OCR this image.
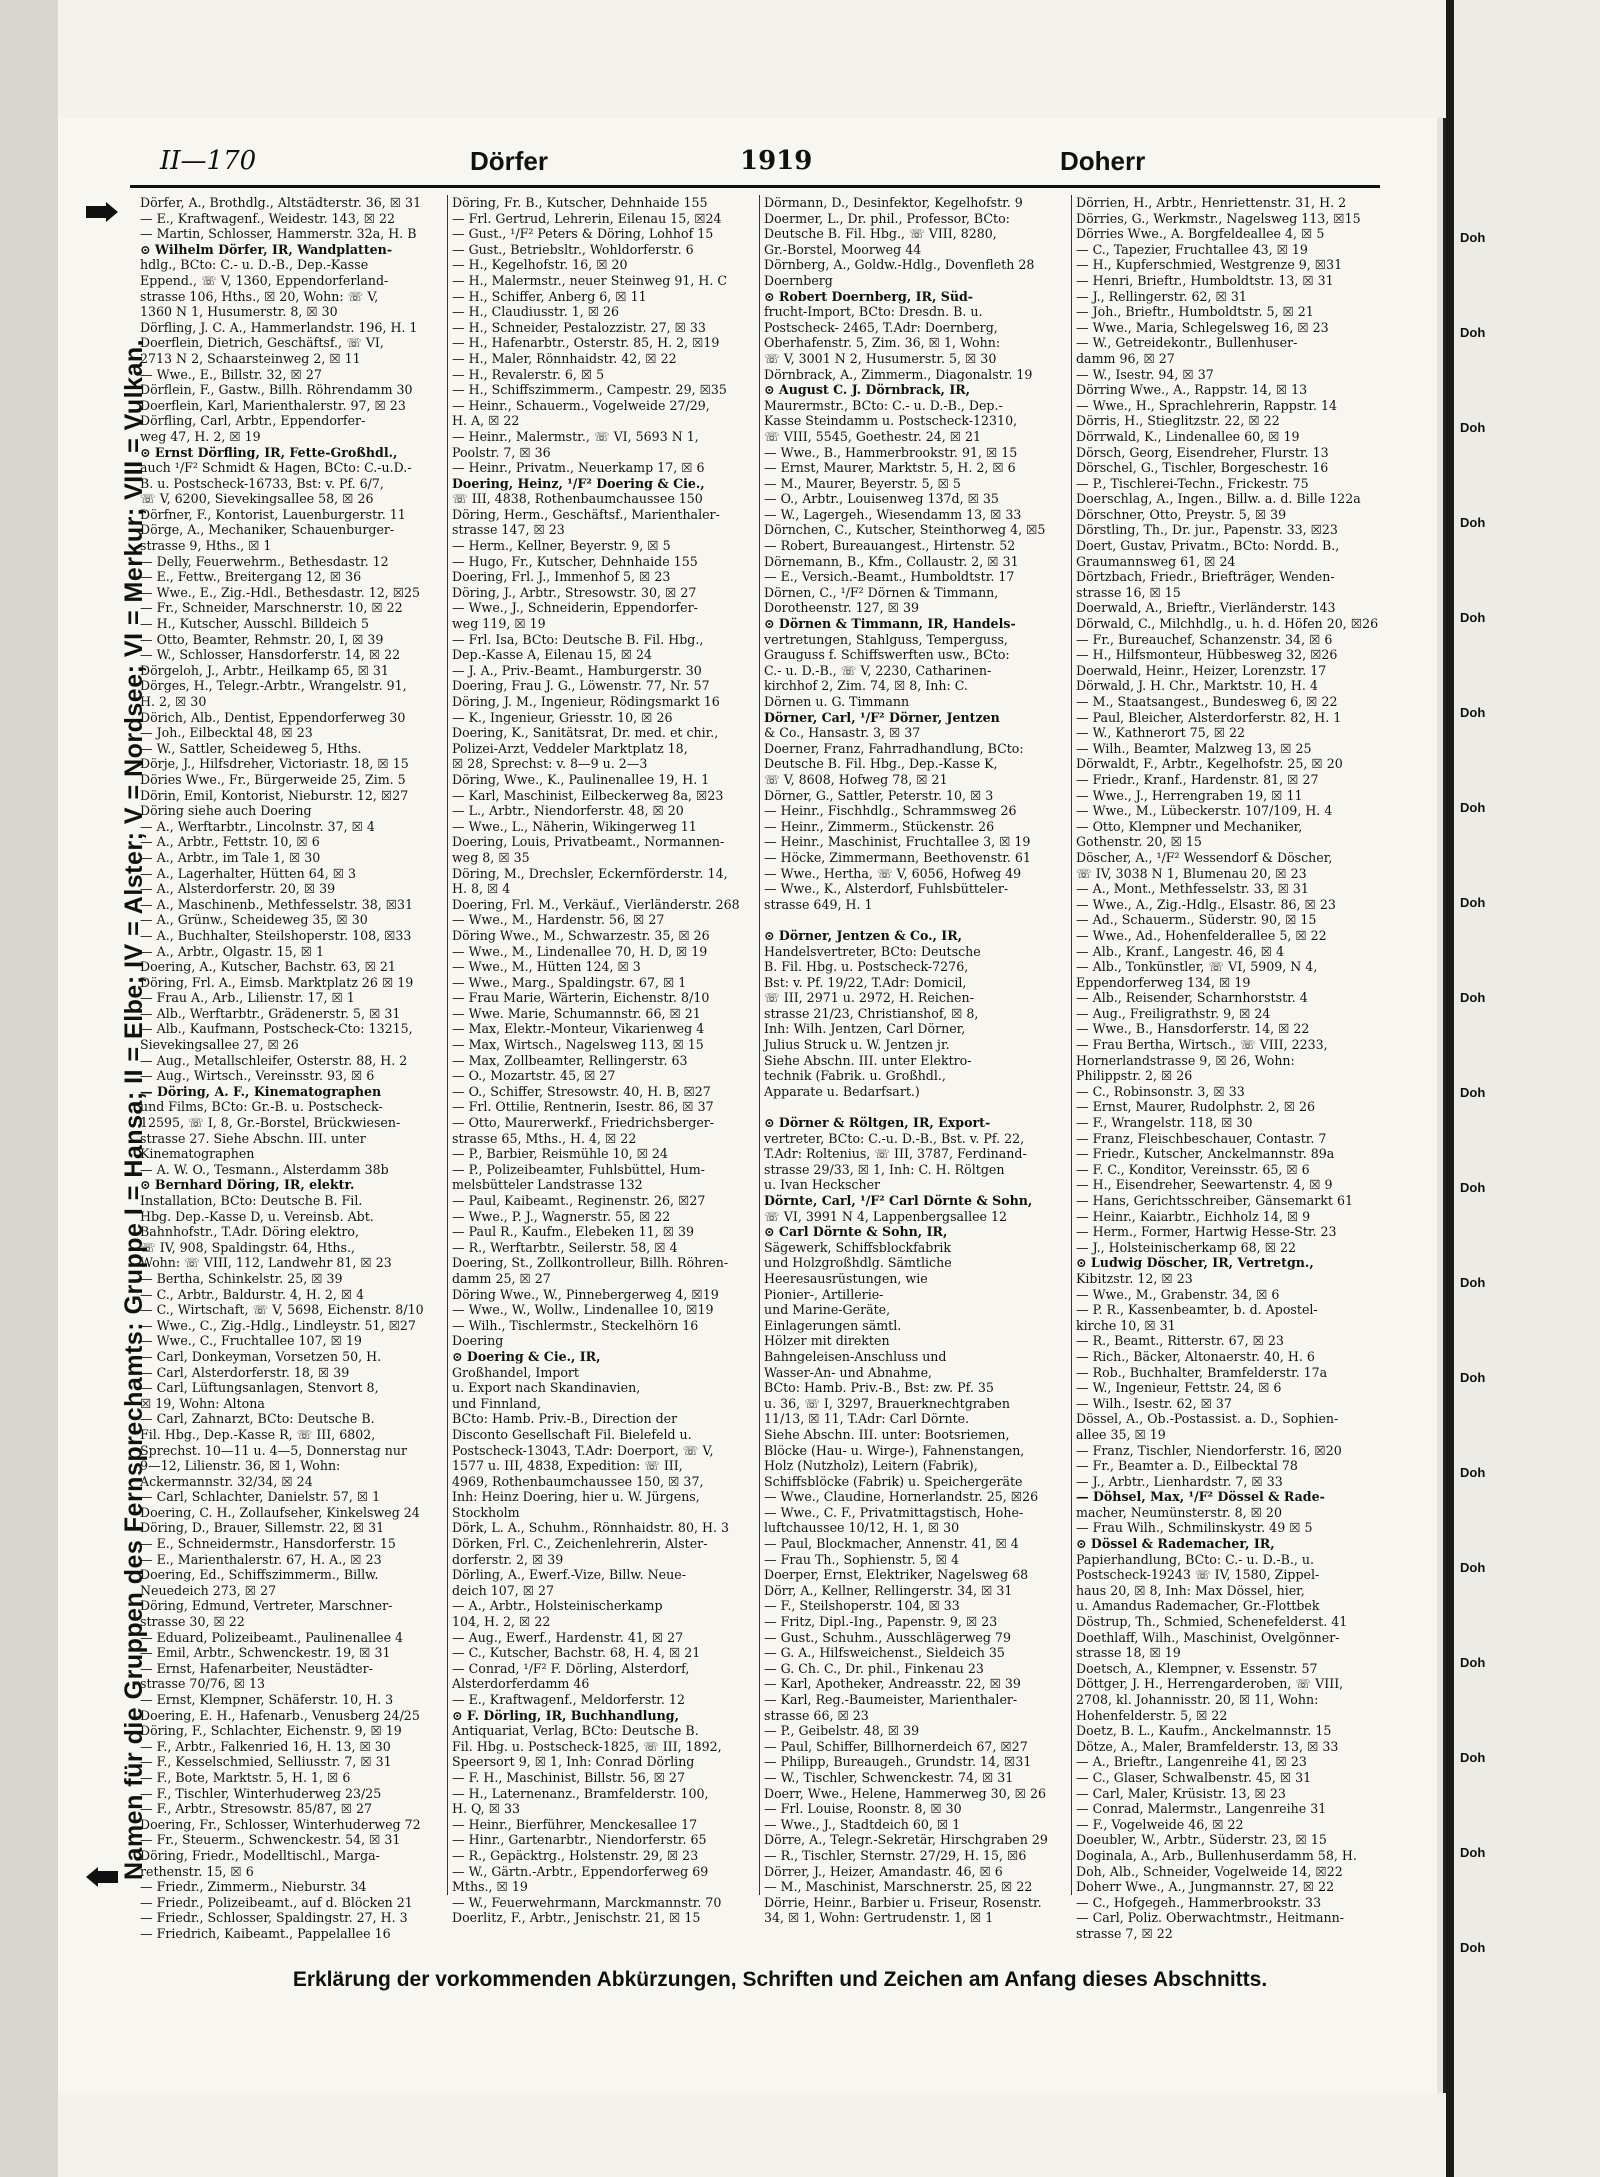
Doh
Doh
Doh
Doh
Doh
Doh
Doh
Doh
Doh
Doh
Doh
Doh
Doh
Doh
Doh
Doh
Doh
Doh
Doh
II—170	Dörfer	1919	Doherr
Namen für die Gruppen des Fernsprechamts: Gruppe I = Hansa; II = Elbe; IV = Alster; V = Nordsee; VI = Merkur; VIII = Vulkan.
Dörfer, A., Brothdlg., Altstädterstr. 36, ☒ 31
— E., Kraftwagenf., Weidestr. 143, ☒ 22
— Martin, Schlosser, Hammerstr. 32a, H. B
⊙ Wilhelm Dörfer, IR, Wandplatten-
hdlg., BCto: C.- u. D.-B., Dep.-Kasse
Eppend., ☏ V, 1360, Eppendorferland-
strasse 106, Hths., ☒ 20, Wohn: ☏ V,
1360 N 1, Husumerstr. 8, ☒ 30
Dörfling, J. C. A., Hammerlandstr. 196, H. 1
Doerflein, Dietrich, Geschäftsf., ☏ VI,
2713 N 2, Schaarsteinweg 2, ☒ 11
— Wwe., E., Billstr. 32, ☒ 27
Dörflein, F., Gastw., Billh. Röhrendamm 30
Doerflein, Karl, Marienthalerstr. 97, ☒ 23
Dörfling, Carl, Arbtr., Eppendorfer-
weg 47, H. 2, ☒ 19
⊙ Ernst Dörfling, IR, Fette-Großhdl.,
auch ¹/F² Schmidt & Hagen, BCto: C.-u.D.-
B. u. Postscheck-16733, Bst: v. Pf. 6/7,
☏ V, 6200, Sievekingsallee 58, ☒ 26
Dörfner, F., Kontorist, Lauenburgerstr. 11
Dörge, A., Mechaniker, Schauenburger-
strasse 9, Hths., ☒ 1
— Delly, Feuerwehrm., Bethesdastr. 12
— E., Fettw., Breitergang 12, ☒ 36
— Wwe., E., Zig.-Hdl., Bethesdastr. 12, ☒25
— Fr., Schneider, Marschnerstr. 10, ☒ 22
— H., Kutscher, Ausschl. Billdeich 5
— Otto, Beamter, Rehmstr. 20, I, ☒ 39
— W., Schlosser, Hansdorferstr. 14, ☒ 22
Dörgeloh, J., Arbtr., Heilkamp 65, ☒ 31
Dörges, H., Telegr.-Arbtr., Wrangelstr. 91,
H. 2, ☒ 30
Dörich, Alb., Dentist, Eppendorferweg 30
— Joh., Eilbecktal 48, ☒ 23
— W., Sattler, Scheideweg 5, Hths.
Dörje, J., Hilfsdreher, Victoriastr. 18, ☒ 15
Döries Wwe., Fr., Bürgerweide 25, Zim. 5
Dörin, Emil, Kontorist, Nieburstr. 12, ☒27
Döring siehe auch Doering
— A., Werftarbtr., Lincolnstr. 37, ☒ 4
— A., Arbtr., Fettstr. 10, ☒ 6
— A., Arbtr., im Tale 1, ☒ 30
— A., Lagerhalter, Hütten 64, ☒ 3
— A., Alsterdorferstr. 20, ☒ 39
— A., Maschinenb., Methfesselstr. 38, ☒31
— A., Grünw., Scheideweg 35, ☒ 30
— A., Buchhalter, Steilshoperstr. 108, ☒33
— A., Arbtr., Olgastr. 15, ☒ 1
Doering, A., Kutscher, Bachstr. 63, ☒ 21
Döring, Frl. A., Eimsb. Marktplatz 26 ☒ 19
— Frau A., Arb., Lilienstr. 17, ☒ 1
— Alb., Werftarbtr., Grädenerstr. 5, ☒ 31
— Alb., Kaufmann, Postscheck-Cto: 13215,
Sievekingsallee 27, ☒ 26
— Aug., Metallschleifer, Osterstr. 88, H. 2
— Aug., Wirtsch., Vereinsstr. 93, ☒ 6
— Döring, A. F., Kinematographen
und Films, BCto: Gr.-B. u. Postscheck-
12595, ☏ I, 8, Gr.-Borstel, Brückwiesen-
strasse 27. Siehe Abschn. III. unter
Kinematographen
— A. W. O., Tesmann., Alsterdamm 38b
⊙ Bernhard Döring, IR, elektr.
Installation, BCto: Deutsche B. Fil.
Hbg. Dep.-Kasse D, u. Vereinsb. Abt.
Bahnhofstr., T.Adr. Döring elektro,
☏ IV, 908, Spaldingstr. 64, Hths.,
Wohn: ☏ VIII, 112, Landwehr 81, ☒ 23
— Bertha, Schinkelstr. 25, ☒ 39
— C., Arbtr., Baldurstr. 4, H. 2, ☒ 4
— C., Wirtschaft, ☏ V, 5698, Eichenstr. 8/10
— Wwe., C., Zig.-Hdlg., Lindleystr. 51, ☒27
— Wwe., C., Fruchtallee 107, ☒ 19
— Carl, Donkeyman, Vorsetzen 50, H.
— Carl, Alsterdorferstr. 18, ☒ 39
— Carl, Lüftungsanlagen, Stenvort 8,
☒ 19, Wohn: Altona
— Carl, Zahnarzt, BCto: Deutsche B.
Fil. Hbg., Dep.-Kasse R, ☏ III, 6802,
Sprechst. 10—11 u. 4—5, Donnerstag nur
9—12, Lilienstr. 36, ☒ 1, Wohn:
Ackermannstr. 32/34, ☒ 24
— Carl, Schlachter, Danielstr. 57, ☒ 1
Doering, C. H., Zollaufseher, Kinkelsweg 24
Döring, D., Brauer, Sillemstr. 22, ☒ 31
— E., Schneidermstr., Hansdorferstr. 15
— E., Marienthalerstr. 67, H. A., ☒ 23
Doering, Ed., Schiffszimmerm., Billw.
Neuedeich 273, ☒ 27
Döring, Edmund, Vertreter, Marschner-
strasse 30, ☒ 22
— Eduard, Polizeibeamt., Paulinenallee 4
— Emil, Arbtr., Schwenckestr. 19, ☒ 31
— Ernst, Hafenarbeiter, Neustädter-
strasse 70/76, ☒ 13
— Ernst, Klempner, Schäferstr. 10, H. 3
Doering, E. H., Hafenarb., Venusberg 24/25
Döring, F., Schlachter, Eichenstr. 9, ☒ 19
— F., Arbtr., Falkenried 16, H. 13, ☒ 30
— F., Kesselschmied, Selliusstr. 7, ☒ 31
— F., Bote, Marktstr. 5, H. 1, ☒ 6
— F., Tischler, Winterhuderweg 23/25
— F., Arbtr., Stresowstr. 85/87, ☒ 27
Doering, Fr., Schlosser, Winterhuderweg 72
— Fr., Steuerm., Schwenckestr. 54, ☒ 31
Döring, Friedr., Modelltischl., Marga-
rethenstr. 15, ☒ 6
— Friedr., Zimmerm., Nieburstr. 34
— Friedr., Polizeibeamt., auf d. Blöcken 21
— Friedr., Schlosser, Spaldingstr. 27, H. 3
— Friedrich, Kaibeamt., Pappelallee 16
Döring, Fr. B., Kutscher, Dehnhaide 155
— Frl. Gertrud, Lehrerin, Eilenau 15, ☒24
— Gust., ¹/F² Peters & Döring, Lohhof 15
— Gust., Betriebsltr., Wohldorferstr. 6
— H., Kegelhofstr. 16, ☒ 20
— H., Malermstr., neuer Steinweg 91, H. C
— H., Schiffer, Anberg 6, ☒ 11
— H., Claudiusstr. 1, ☒ 26
— H., Schneider, Pestalozzistr. 27, ☒ 33
— H., Hafenarbtr., Osterstr. 85, H. 2, ☒19
— H., Maler, Rönnhaidstr. 42, ☒ 22
— H., Revalerstr. 6, ☒ 5
— H., Schiffszimmerm., Campestr. 29, ☒35
— Heinr., Schauerm., Vogelweide 27/29,
H. A, ☒ 22
— Heinr., Malermstr., ☏ VI, 5693 N 1,
Poolstr. 7, ☒ 36
— Heinr., Privatm., Neuerkamp 17, ☒ 6
Doering, Heinz, ¹/F² Doering & Cie.,
☏ III, 4838, Rothenbaumchaussee 150
Döring, Herm., Geschäftsf., Marienthaler-
strasse 147, ☒ 23
— Herm., Kellner, Beyerstr. 9, ☒ 5
— Hugo, Fr., Kutscher, Dehnhaide 155
Doering, Frl. J., Immenhof 5, ☒ 23
Döring, J., Arbtr., Stresowstr. 30, ☒ 27
— Wwe., J., Schneiderin, Eppendorfer-
weg 119, ☒ 19
— Frl. Isa, BCto: Deutsche B. Fil. Hbg.,
Dep.-Kasse A, Eilenau 15, ☒ 24
— J. A., Priv.-Beamt., Hamburgerstr. 30
Doering, Frau J. G., Löwenstr. 77, Nr. 57
Döring, J. M., Ingenieur, Rödingsmarkt 16
— K., Ingenieur, Griesstr. 10, ☒ 26
Doering, K., Sanitätsrat, Dr. med. et chir.,
Polizei-Arzt, Veddeler Marktplatz 18,
☒ 28, Sprechst: v. 8—9 u. 2—3
Döring, Wwe., K., Paulinenallee 19, H. 1
— Karl, Maschinist, Eilbeckerweg 8a, ☒23
— L., Arbtr., Niendorferstr. 48, ☒ 20
— Wwe., L., Näherin, Wikingerweg 11
Doering, Louis, Privatbeamt., Normannen-
weg 8, ☒ 35
Döring, M., Drechsler, Eckernförderstr. 14,
H. 8, ☒ 4
Doering, Frl. M., Verkäuf., Vierländerstr. 268
— Wwe., M., Hardenstr. 56, ☒ 27
Döring Wwe., M., Schwarzestr. 35, ☒ 26
— Wwe., M., Lindenallee 70, H. D, ☒ 19
— Wwe., M., Hütten 124, ☒ 3
— Wwe., Marg., Spaldingstr. 67, ☒ 1
— Frau Marie, Wärterin, Eichenstr. 8/10
— Wwe. Marie, Schumannstr. 66, ☒ 21
— Max, Elektr.-Monteur, Vikarienweg 4
— Max, Wirtsch., Nagelsweg 113, ☒ 15
— Max, Zollbeamter, Rellingerstr. 63
— O., Mozartstr. 45, ☒ 27
— O., Schiffer, Stresowstr. 40, H. B, ☒27
— Frl. Ottilie, Rentnerin, Isestr. 86, ☒ 37
— Otto, Maurerwerkf., Friedrichsberger-
strasse 65, Mths., H. 4, ☒ 22
— P., Barbier, Reismühle 10, ☒ 24
— P., Polizeibeamter, Fuhlsbüttel, Hum-
melsbütteler Landstrasse 132
— Paul, Kaibeamt., Reginenstr. 26, ☒27
— Wwe., P. J., Wagnerstr. 55, ☒ 22
— Paul R., Kaufm., Elebeken 11, ☒ 39
— R., Werftarbtr., Seilerstr. 58, ☒ 4
Doering, St., Zollkontrolleur, Billh. Röhren-
damm 25, ☒ 27
Döring Wwe., W., Pinnebergerweg 4, ☒19
— Wwe., W., Wollw., Lindenallee 10, ☒19
— Wilh., Tischlermstr., Steckelhörn 16
Doering
⊙ Doering & Cie., IR,
Großhandel, Import
u. Export nach Skandinavien,
und Finnland,
BCto: Hamb. Priv.-B., Direction der
Disconto Gesellschaft Fil. Bielefeld u.
Postscheck-13043, T.Adr: Doerport, ☏ V,
1577 u. III, 4838, Expedition: ☏ III,
4969, Rothenbaumchaussee 150, ☒ 37,
Inh: Heinz Doering, hier u. W. Jürgens,
Stockholm
Dörk, L. A., Schuhm., Rönnhaidstr. 80, H. 3
Dörken, Frl. C., Zeichenlehrerin, Alster-
dorferstr. 2, ☒ 39
Dörling, A., Ewerf.-Vize, Billw. Neue-
deich 107, ☒ 27
— A., Arbtr., Holsteinischerkamp
104, H. 2, ☒ 22
— Aug., Ewerf., Hardenstr. 41, ☒ 27
— C., Kutscher, Bachstr. 68, H. 4, ☒ 21
— Conrad, ¹/F² F. Dörling, Alsterdorf,
Alsterdorferdamm 46
— E., Kraftwagenf., Meldorferstr. 12
⊙ F. Dörling, IR, Buchhandlung,
Antiquariat, Verlag, BCto: Deutsche B.
Fil. Hbg. u. Postscheck-1825, ☏ III, 1892,
Speersort 9, ☒ 1, Inh: Conrad Dörling
— F. H., Maschinist, Billstr. 56, ☒ 27
— H., Laternenanz., Bramfelderstr. 100,
H. Q, ☒ 33
— Heinr., Bierführer, Menckesallee 17
— Hinr., Gartenarbtr., Niendorferstr. 65
— R., Gepäcktrg., Holstenstr. 29, ☒ 23
— W., Gärtn.-Arbtr., Eppendorferweg 69
Mths., ☒ 19
— W., Feuerwehrmann, Marckmannstr. 70
Doerlitz, F., Arbtr., Jenischstr. 21, ☒ 15
Dörmann, D., Desinfektor, Kegelhofstr. 9
Doermer, L., Dr. phil., Professor, BCto:
Deutsche B. Fil. Hbg., ☏ VIII, 8280,
Gr.-Borstel, Moorweg 44
Dörnberg, A., Goldw.-Hdlg., Dovenfleth 28
Doernberg
⊙ Robert Doernberg, IR, Süd-
frucht-Import, BCto: Dresdn. B. u.
Postscheck- 2465, T.Adr: Doernberg,
Oberhafenstr. 5, Zim. 36, ☒ 1, Wohn:
☏ V, 3001 N 2, Husumerstr. 5, ☒ 30
Dörnbrack, A., Zimmerm., Diagonalstr. 19
⊙ August C. J. Dörnbrack, IR,
Maurermstr., BCto: C.- u. D.-B., Dep.-
Kasse Steindamm u. Postscheck-12310,
☏ VIII, 5545, Goethestr. 24, ☒ 21
— Wwe., B., Hammerbrookstr. 91, ☒ 15
— Ernst, Maurer, Marktstr. 5, H. 2, ☒ 6
— M., Maurer, Beyerstr. 5, ☒ 5
— O., Arbtr., Louisenweg 137d, ☒ 35
— W., Lagergeh., Wiesendamm 13, ☒ 33
Dörnchen, C., Kutscher, Steinthorweg 4, ☒5
— Robert, Bureauangest., Hirtenstr. 52
Dörnemann, B., Kfm., Collaustr. 2, ☒ 31
— E., Versich.-Beamt., Humboldtstr. 17
Dörnen, C., ¹/F² Dörnen & Timmann,
Dorotheenstr. 127, ☒ 39
⊙ Dörnen & Timmann, IR, Handels-
vertretungen, Stahlguss, Temperguss,
Grauguss f. Schiffswerften usw., BCto:
C.- u. D.-B., ☏ V, 2230, Catharinen-
kirchhof 2, Zim. 74, ☒ 8, Inh: C.
Dörnen u. G. Timmann
Dörner, Carl, ¹/F² Dörner, Jentzen
& Co., Hansastr. 3, ☒ 37
Doerner, Franz, Fahrradhandlung, BCto:
Deutsche B. Fil. Hbg., Dep.-Kasse K,
☏ V, 8608, Hofweg 78, ☒ 21
Dörner, G., Sattler, Peterstr. 10, ☒ 3
— Heinr., Fischhdlg., Schrammsweg 26
— Heinr., Zimmerm., Stückenstr. 26
— Heinr., Maschinist, Fruchtallee 3, ☒ 19
— Höcke, Zimmermann, Beethovenstr. 61
— Wwe., Hertha, ☏ V, 6056, Hofweg 49
— Wwe., K., Alsterdorf, Fuhlsbütteler-
strasse 649, H. 1

⊙ Dörner, Jentzen & Co., IR,
Handelsvertreter, BCto: Deutsche
B. Fil. Hbg. u. Postscheck-7276,
Bst: v. Pf. 19/22, T.Adr: Domicil,
☏ III, 2971 u. 2972, H. Reichen-
strasse 21/23, Christianshof, ☒ 8,
Inh: Wilh. Jentzen, Carl Dörner,
Julius Struck u. W. Jentzen jr.
Siehe Abschn. III. unter Elektro-
technik (Fabrik. u. Großhdl.,
Apparate u. Bedarfsart.)

⊙ Dörner & Röltgen, IR, Export-
vertreter, BCto: C.-u. D.-B., Bst. v. Pf. 22,
T.Adr: Roltenius, ☏ III, 3787, Ferdinand-
strasse 29/33, ☒ 1, Inh: C. H. Röltgen
u. Ivan Heckscher
Dörnte, Carl, ¹/F² Carl Dörnte & Sohn,
☏ VI, 3991 N 4, Lappenbergsallee 12
⊙ Carl Dörnte & Sohn, IR,
Sägewerk, Schiffsblockfabrik
und Holzgroßhdlg. Sämtliche
Heeresausrüstungen, wie
Pionier-, Artillerie-
und Marine-Geräte,
Einlagerungen sämtl.
Hölzer mit direkten
Bahngeleisen-Anschluss und
Wasser-An- und Abnahme,
BCto: Hamb. Priv.-B., Bst: zw. Pf. 35
u. 36, ☏ I, 3297, Brauerknechtgraben
11/13, ☒ 11, T.Adr: Carl Dörnte.
Siehe Abschn. III. unter: Bootsriemen,
Blöcke (Hau- u. Wirge-), Fahnenstangen,
Holz (Nutzholz), Leitern (Fabrik),
Schiffsblöcke (Fabrik) u. Speichergeräte
— Wwe., Claudine, Hornerlandstr. 25, ☒26
— Wwe., C. F., Privatmittagstisch, Hohe-
luftchaussee 10/12, H. 1, ☒ 30
— Paul, Blockmacher, Annenstr. 41, ☒ 4
— Frau Th., Sophienstr. 5, ☒ 4
Doerper, Ernst, Elektriker, Nagelsweg 68
Dörr, A., Kellner, Rellingerstr. 34, ☒ 31
— F., Steilshoperstr. 104, ☒ 33
— Fritz, Dipl.-Ing., Papenstr. 9, ☒ 23
— Gust., Schuhm., Ausschlägerweg 79
— G. A., Hilfsweichenst., Sieldeich 35
— G. Ch. C., Dr. phil., Finkenau 23
— Karl, Apotheker, Andreasstr. 22, ☒ 39
— Karl, Reg.-Baumeister, Marienthaler-
strasse 66, ☒ 23
— P., Geibelstr. 48, ☒ 39
— Paul, Schiffer, Billhornerdeich 67, ☒27
— Philipp, Bureaugeh., Grundstr. 14, ☒31
— W., Tischler, Schwenckestr. 74, ☒ 31
Doerr, Wwe., Helene, Hammerweg 30, ☒ 26
— Frl. Louise, Roonstr. 8, ☒ 30
— Wwe., J., Stadtdeich 60, ☒ 1
Dörre, A., Telegr.-Sekretär, Hirschgraben 29
— R., Tischler, Sternstr. 27/29, H. 15, ☒6
Dörrer, J., Heizer, Amandastr. 46, ☒ 6
— M., Maschinist, Marschnerstr. 25, ☒ 22
Dörrie, Heinr., Barbier u. Friseur, Rosenstr.
34, ☒ 1, Wohn: Gertrudenstr. 1, ☒ 1
Dörrien, H., Arbtr., Henriettenstr. 31, H. 2
Dörries, G., Werkmstr., Nagelsweg 113, ☒15
Dörries Wwe., A. Borgfeldeallee 4, ☒ 5
— C., Tapezier, Fruchtallee 43, ☒ 19
— H., Kupferschmied, Westgrenze 9, ☒31
— Henri, Brieftr., Humboldtstr. 13, ☒ 31
— J., Rellingerstr. 62, ☒ 31
— Joh., Brieftr., Humboldtstr. 5, ☒ 21
— Wwe., Maria, Schlegelsweg 16, ☒ 23
— W., Getreidekontr., Bullenhuser-
damm 96, ☒ 27
— W., Isestr. 94, ☒ 37
Dörring Wwe., A., Rappstr. 14, ☒ 13
— Wwe., H., Sprachlehrerin, Rappstr. 14
Dörris, H., Stieglitzstr. 22, ☒ 22
Dörrwald, K., Lindenallee 60, ☒ 19
Dörsch, Georg, Eisendreher, Flurstr. 13
Dörschel, G., Tischler, Borgeschestr. 16
— P., Tischlerei-Techn., Frickestr. 75
Doerschlag, A., Ingen., Billw. a. d. Bille 122a
Dörschner, Otto, Preystr. 5, ☒ 39
Dörstling, Th., Dr. jur., Papenstr. 33, ☒23
Doert, Gustav, Privatm., BCto: Nordd. B.,
Graumannsweg 61, ☒ 24
Dörtzbach, Friedr., Briefträger, Wenden-
strasse 16, ☒ 15
Doerwald, A., Brieftr., Vierländerstr. 143
Dörwald, C., Milchhdlg., u. h. d. Höfen 20, ☒26
— Fr., Bureauchef, Schanzenstr. 34, ☒ 6
— H., Hilfsmonteur, Hübbesweg 32, ☒26
Doerwald, Heinr., Heizer, Lorenzstr. 17
Dörwald, J. H. Chr., Marktstr. 10, H. 4
— M., Staatsangest., Bundesweg 6, ☒ 22
— Paul, Bleicher, Alsterdorferstr. 82, H. 1
— W., Kathnerort 75, ☒ 22
— Wilh., Beamter, Malzweg 13, ☒ 25
Dörwaldt, F., Arbtr., Kegelhofstr. 25, ☒ 20
— Friedr., Kranf., Hardenstr. 81, ☒ 27
— Wwe., J., Herrengraben 19, ☒ 11
— Wwe., M., Lübeckerstr. 107/109, H. 4
— Otto, Klempner und Mechaniker,
Gothenstr. 20, ☒ 15
Döscher, A., ¹/F² Wessendorf & Döscher,
☏ IV, 3038 N 1, Blumenau 20, ☒ 23
— A., Mont., Methfesselstr. 33, ☒ 31
— Wwe., A., Zig.-Hdlg., Elsastr. 86, ☒ 23
— Ad., Schauerm., Süderstr. 90, ☒ 15
— Wwe., Ad., Hohenfelderallee 5, ☒ 22
— Alb., Kranf., Langestr. 46, ☒ 4
— Alb., Tonkünstler, ☏ VI, 5909, N 4,
Eppendorferweg 134, ☒ 19
— Alb., Reisender, Scharnhorststr. 4
— Aug., Freiligrathstr. 9, ☒ 24
— Wwe., B., Hansdorferstr. 14, ☒ 22
— Frau Bertha, Wirtsch., ☏ VIII, 2233,
Hornerlandstrasse 9, ☒ 26, Wohn:
Philippstr. 2, ☒ 26
— C., Robinsonstr. 3, ☒ 33
— Ernst, Maurer, Rudolphstr. 2, ☒ 26
— F., Wrangelstr. 118, ☒ 30
— Franz, Fleischbeschauer, Contastr. 7
— Friedr., Kutscher, Anckelmannstr. 89a
— F. C., Konditor, Vereinsstr. 65, ☒ 6
— H., Eisendreher, Seewartenstr. 4, ☒ 9
— Hans, Gerichtsschreiber, Gänsemarkt 61
— Heinr., Kaiarbtr., Eichholz 14, ☒ 9
— Herm., Former, Hartwig Hesse-Str. 23
— J., Holsteinischerkamp 68, ☒ 22
⊙ Ludwig Döscher, IR, Vertretgn.,
Kibitzstr. 12, ☒ 23
— Wwe., M., Grabenstr. 34, ☒ 6
— P. R., Kassenbeamter, b. d. Apostel-
kirche 10, ☒ 31
— R., Beamt., Ritterstr. 67, ☒ 23
— Rich., Bäcker, Altonaerstr. 40, H. 6
— Rob., Buchhalter, Bramfelderstr. 17a
— W., Ingenieur, Fettstr. 24, ☒ 6
— Wilh., Isestr. 62, ☒ 37
Dössel, A., Ob.-Postassist. a. D., Sophien-
allee 35, ☒ 19
— Franz, Tischler, Niendorferstr. 16, ☒20
— Fr., Beamter a. D., Eilbecktal 78
— J., Arbtr., Lienhardstr. 7, ☒ 33
— Döhsel, Max, ¹/F² Dössel & Rade-
macher, Neumünsterstr. 8, ☒ 20
— Frau Wilh., Schmilinskystr. 49 ☒ 5
⊙ Dössel & Rademacher, IR,
Papierhandlung, BCto: C.- u. D.-B., u.
Postscheck-19243 ☏ IV, 1580, Zippel-
haus 20, ☒ 8, Inh: Max Dössel, hier,
u. Amandus Rademacher, Gr.-Flottbek
Döstrup, Th., Schmied, Schenefelderst. 41
Doethlaff, Wilh., Maschinist, Ovelgönner-
strasse 18, ☒ 19
Doetsch, A., Klempner, v. Essenstr. 57
Döttger, J. H., Herrengarderoben, ☏ VIII,
2708, kl. Johannisstr. 20, ☒ 11, Wohn:
Hohenfelderstr. 5, ☒ 22
Doetz, B. L., Kaufm., Anckelmannstr. 15
Dötze, A., Maler, Bramfelderstr. 13, ☒ 33
— A., Brieftr., Langenreihe 41, ☒ 23
— C., Glaser, Schwalbenstr. 45, ☒ 31
— Carl, Maler, Krüsistr. 13, ☒ 23
— Conrad, Malermstr., Langenreihe 31
— F., Vogelweide 46, ☒ 22
Doeubler, W., Arbtr., Süderstr. 23, ☒ 15
Doginala, A., Arb., Bullenhuserdamm 58, H.
Doh, Alb., Schneider, Vogelweide 14, ☒22
Doherr Wwe., A., Jungmannstr. 27, ☒ 22
— C., Hofgegeh., Hammerbrookstr. 33
— Carl, Poliz. Oberwachtmstr., Heitmann-
strasse 7, ☒ 22
Erklärung der vorkommenden Abkürzungen, Schriften und Zeichen am Anfang dieses Abschnitts.
